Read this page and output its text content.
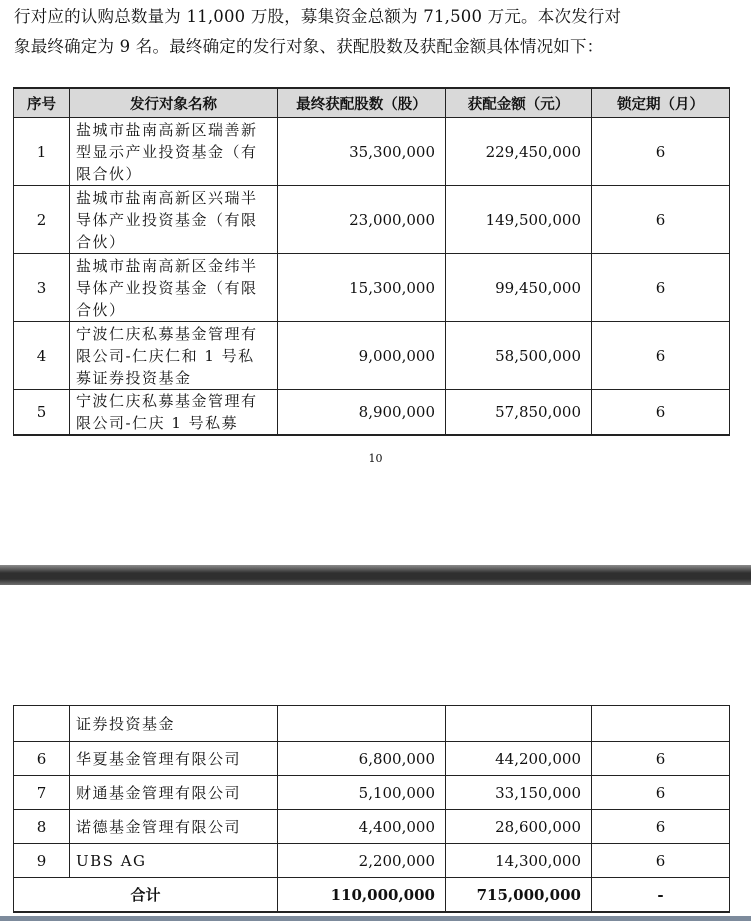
行对应的认购总数量为 11,000 万股，募集资金总额为 71,500 万元。本次发行对

象最终确定为 9 名。最终确定的发行对象、获配股数及获配金额具体情况如下：

序号	发行对象名称	最终获配股数（股）	获配金额（元）	锁定期（月）
1	盐城市盐南高新区瑞善新型显示产业投资基金（有限合伙）	35,300,000	229,450,000	6
2	盐城市盐南高新区兴瑞半导体产业投资基金（有限合伙）	23,000,000	149,500,000	6
3	盐城市盐南高新区金纬半导体产业投资基金（有限合伙）	15,300,000	99,450,000	6
4	宁波仁庆私募基金管理有限公司-仁庆仁和 1 号私募证券投资基金	9,000,000	58,500,000	6
5	宁波仁庆私募基金管理有限公司-仁庆 1 号私募	8,900,000	57,850,000	6
10
	证券投资基金			
6	华夏基金管理有限公司	6,800,000	44,200,000	6
7	财通基金管理有限公司	5,100,000	33,150,000	6
8	诺德基金管理有限公司	4,400,000	28,600,000	6
9	UBS AG	2,200,000	14,300,000	6
合计		110,000,000	715,000,000	-
